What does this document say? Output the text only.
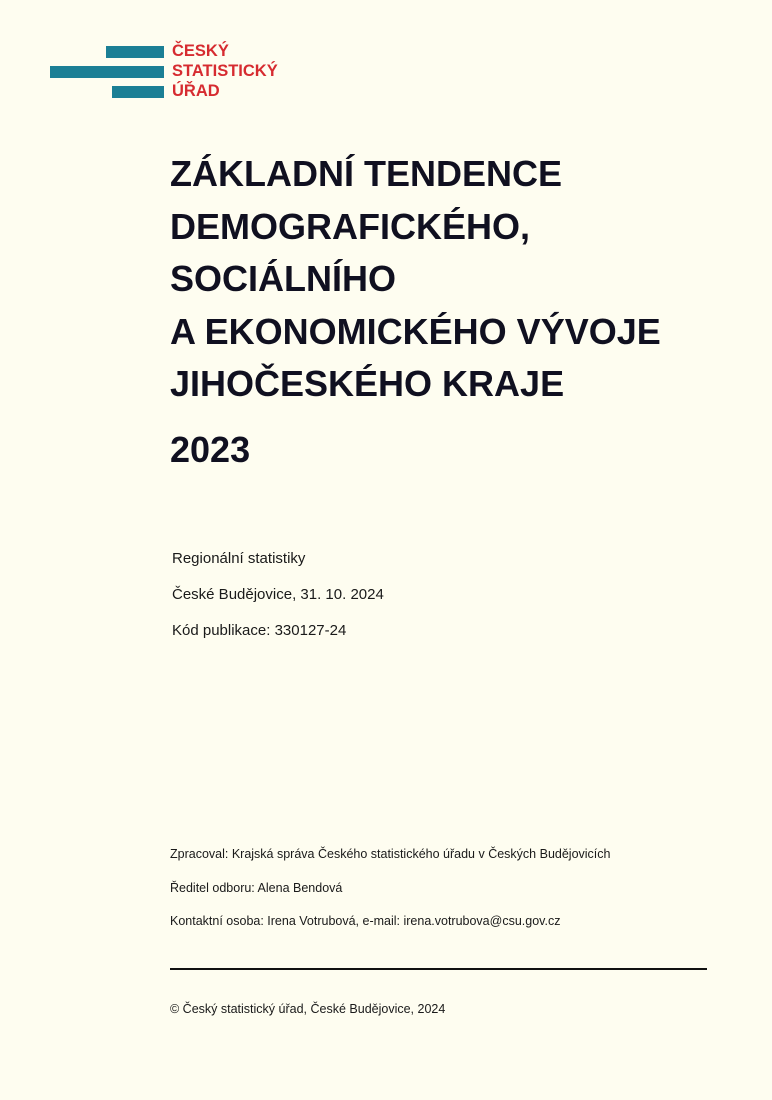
ČESKÝ
STATISTICKÝ
ÚŘAD
ZÁKLADNÍ TENDENCE
DEMOGRAFICKÉHO,
SOCIÁLNÍHO
A EKONOMICKÉHO VÝVOJE
JIHOČESKÉHO KRAJE
2023
Regionální statistiky
České Budějovice, 31. 10. 2024
Kód publikace: 330127-24
Zpracoval: Krajská správa Českého statistického úřadu v Českých Budějovicích
Ředitel odboru: Alena Bendová
Kontaktní osoba: Irena Votrubová, e-mail: irena.votrubova@csu.gov.cz
© Český statistický úřad, České Budějovice, 2024
